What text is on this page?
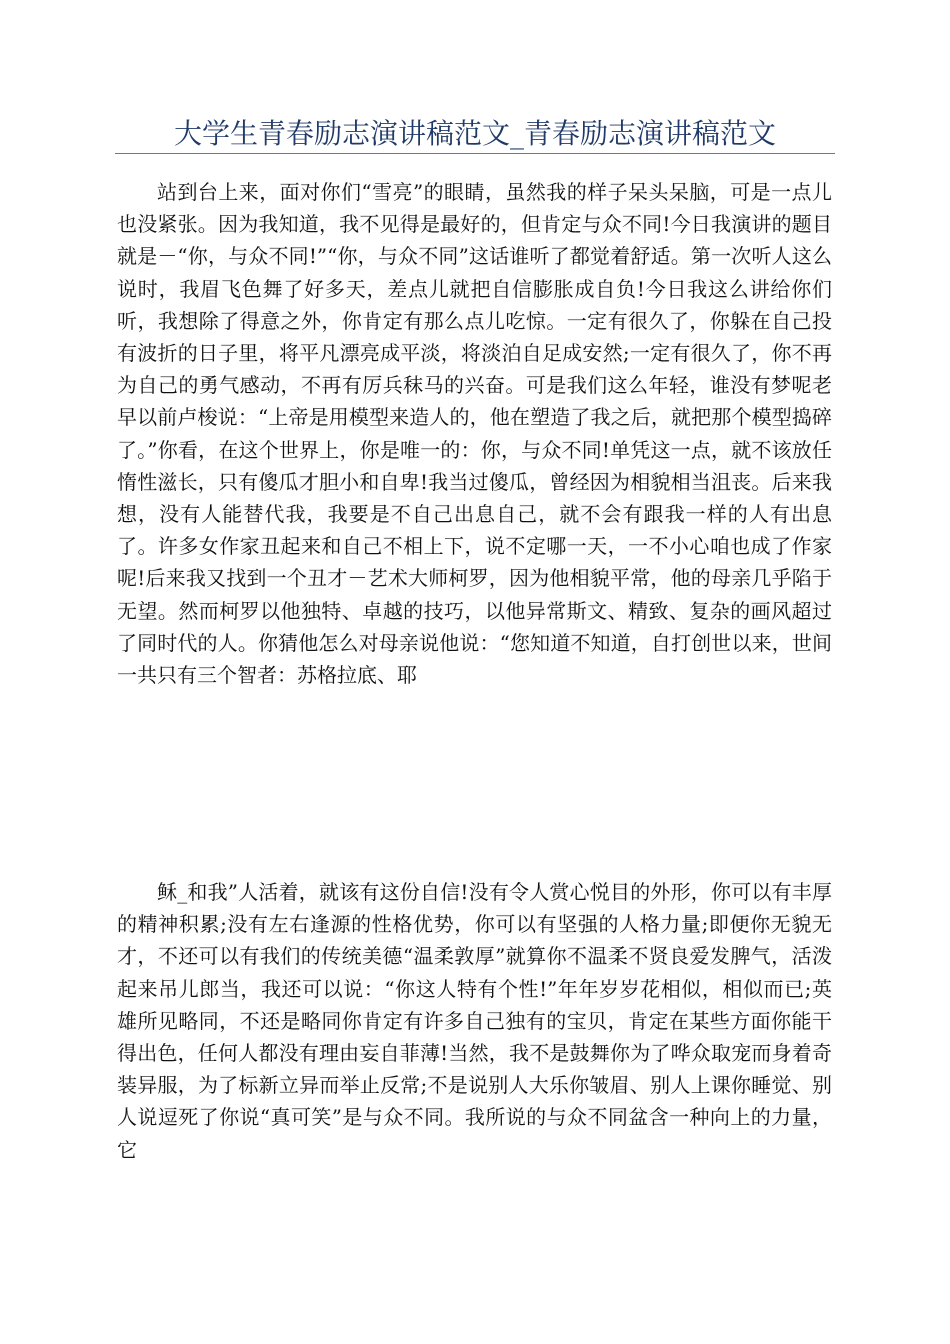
大学生青春励志演讲稿范文_青春励志演讲稿范文

站到台上来，面对你们“雪亮”的眼睛，虽然我的样子呆头呆脑，可是一点儿也没紧张。因为我知道，我不见得是最好的，但肯定与众不同!今日我演讲的题目就是－“你，与众不同!”“你，与众不同”这话谁听了都觉着舒适。第一次听人这么说时，我眉飞色舞了好多天，差点儿就把自信膨胀成自负!今日我这么讲给你们听，我想除了得意之外，你肯定有那么点儿吃惊。一定有很久了，你躲在自己投有波折的日子里，将平凡漂亮成平淡，将淡泊自足成安然;一定有很久了，你不再为自己的勇气感动，不再有厉兵秣马的兴奋。可是我们这么年轻，谁没有梦呢老早以前卢梭说：“上帝是用模型来造人的，他在塑造了我之后，就把那个模型捣碎了。”你看，在这个世界上，你是唯一的：你，与众不同!单凭这一点，就不该放任惰性滋长，只有傻瓜才胆小和自卑!我当过傻瓜，曾经因为相貌相当沮丧。后来我想，没有人能替代我，我要是不自己出息自己，就不会有跟我一样的人有出息了。许多女作家丑起来和自己不相上下，说不定哪一天，一不小心咱也成了作家呢!后来我又找到一个丑才－艺术大师柯罗，因为他相貌平常，他的母亲几乎陷于无望。然而柯罗以他独特、卓越的技巧，以他异常斯文、精致、复杂的画风超过了同时代的人。你猜他怎么对母亲说他说：“您知道不知道，自打创世以来，世间一共只有三个智者：苏格拉底、耶

稣_和我”人活着，就该有这份自信!没有令人赏心悦目的外形，你可以有丰厚的精神积累;没有左右逢源的性格优势，你可以有坚强的人格力量;即便你无貌无才，不还可以有我们的传统美德“温柔敦厚”就算你不温柔不贤良爱发脾气，活泼起来吊儿郎当，我还可以说：“你这人特有个性!”年年岁岁花相似，相似而已;英雄所见略同，不还是略同你肯定有许多自己独有的宝贝，肯定在某些方面你能干得出色，任何人都没有理由妄自菲薄!当然，我不是鼓舞你为了哗众取宠而身着奇装异服，为了标新立异而举止反常;不是说别人大乐你皱眉、别人上课你睡觉、别人说逗死了你说“真可笑”是与众不同。我所说的与众不同盆含一种向上的力量，它
